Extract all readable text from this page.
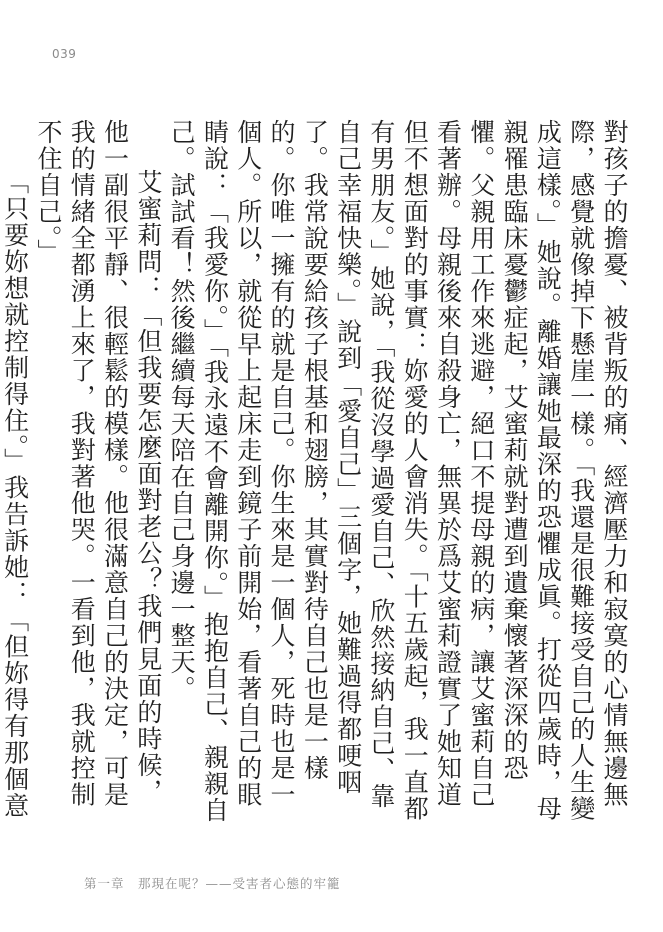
039

對孩子的擔憂、被背叛的痛、經濟壓力和寂寞的心情無邊無際，感覺就像掉下懸崖一樣。「我還是很難接受自己的人生變成這樣。」她說。離婚讓她最深的恐懼成眞。打從四歲時，母親罹患臨床憂鬱症起，艾蜜莉就對遭到遺棄懷著深深的恐懼。父親用工作來逃避，絕口不提母親的病，讓艾蜜莉自己看著辦。母親後來自殺身亡，無異於爲艾蜜莉證實了她知道但不想面對的事實：妳愛的人會消失。「十五歲起，我一直都有男朋友。」她說，「我從沒學過愛自己、欣然接納自己、靠自己幸福快樂。」說到「愛自己」三個字，她難過得都哽咽了。我常說要給孩子根基和翅膀，其實對待自己也是一樣的。你唯一擁有的就是自己。你生來是一個人，死時也是一個人。所以，就從早上起床走到鏡子前開始，看著自己的眼睛說：「我愛你。」「我永遠不會離開你。」抱抱自己、親親自己。試試看！然後繼續每天陪在自己身邊一整天。

艾蜜莉問：「但我要怎麼面對老公？我們見面的時候，他一副很平靜、很輕鬆的模樣。他很滿意自己的決定，可是我的情緒全都湧上來了，我對著他哭。一看到他，我就控制不住自己。」

「只要妳想就控制得住。」我告訴她：「但妳得有那個意

第一章　那現在呢？——受害者心態的牢籠
